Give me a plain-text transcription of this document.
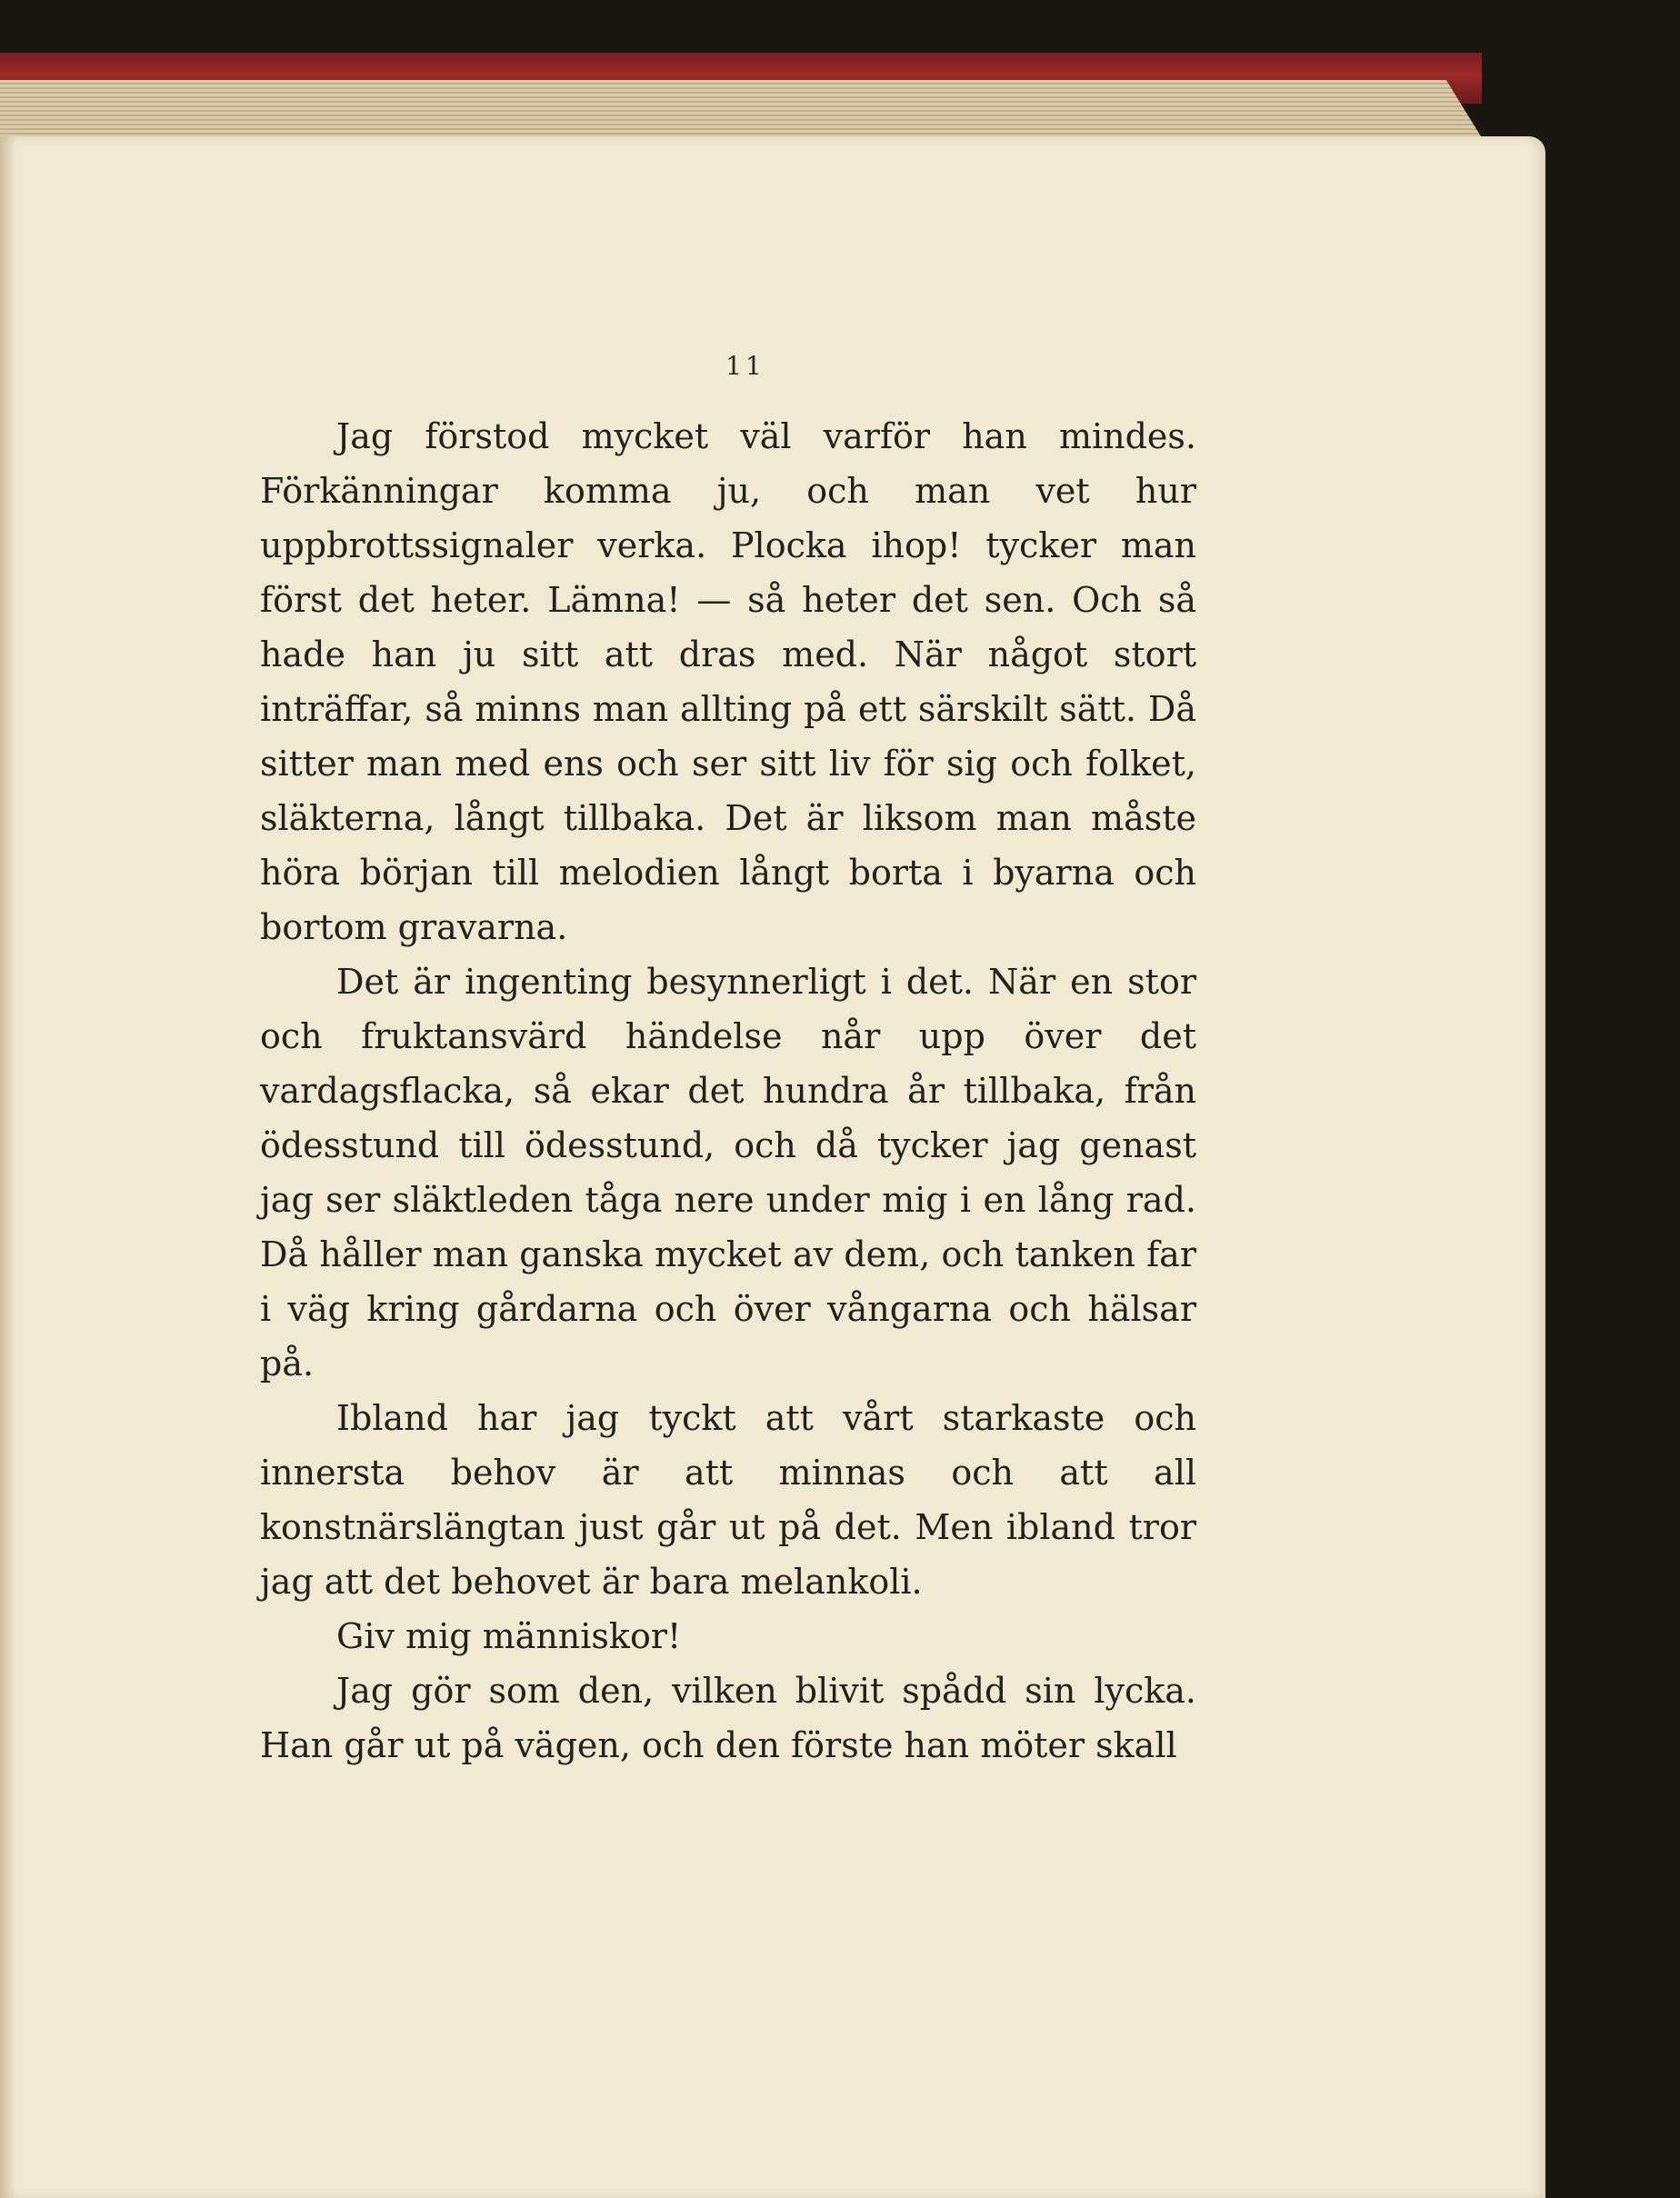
11

Jag förstod mycket väl varför han mindes. Förkänningar komma ju, och man vet hur uppbrottssignaler verka. Plocka ihop! tycker man först det heter. Lämna! — så heter det sen. Och så hade han ju sitt att dras med. När något stort inträffar, så minns man allting på ett särskilt sätt. Då sitter man med ens och ser sitt liv för sig och folket, släkterna, långt tillbaka. Det är liksom man måste höra början till melodien långt borta i byarna och bortom gravarna.

Det är ingenting besynnerligt i det. När en stor och fruktansvärd händelse når upp över det vardagsflacka, så ekar det hundra år tillbaka, från ödesstund till ödesstund, och då tycker jag genast jag ser släktleden tåga nere under mig i en lång rad. Då håller man ganska mycket av dem, och tanken far i väg kring gårdarna och över vångarna och hälsar på.

Ibland har jag tyckt att vårt starkaste och innersta behov är att minnas och att all konstnärslängtan just går ut på det. Men ibland tror jag att det behovet är bara melankoli.

Giv mig människor!

Jag gör som den, vilken blivit spådd sin lycka. Han går ut på vägen, och den förste han möter skall
